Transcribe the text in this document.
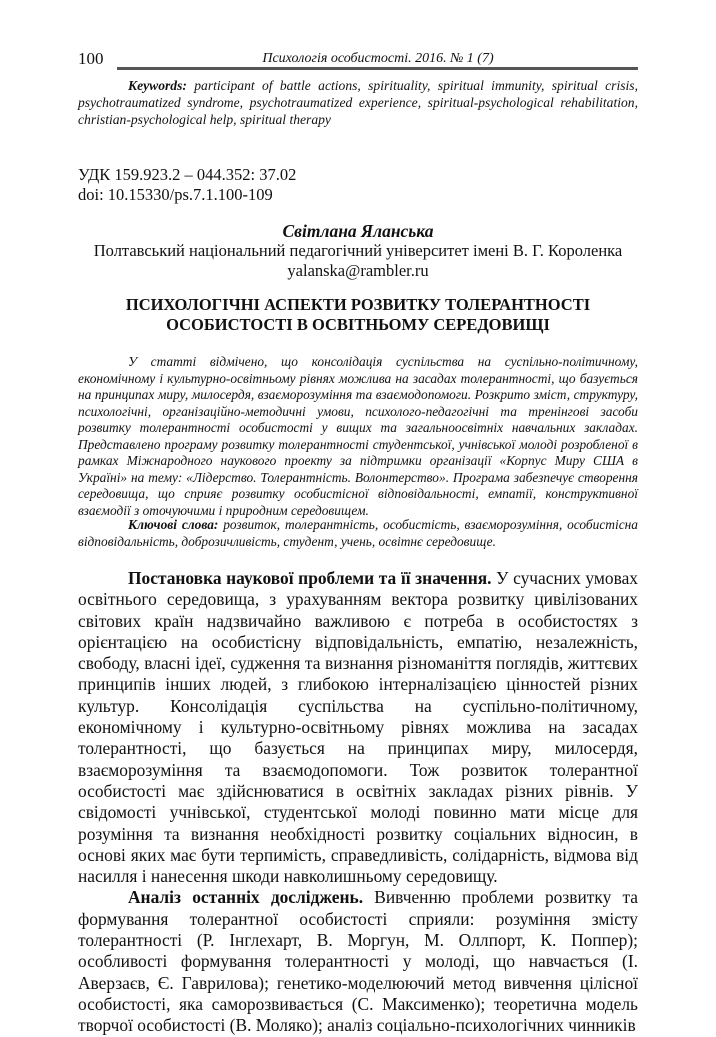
100	Психологія особистості. 2016. № 1 (7)
Keywords: participant of battle actions, spirituality, spiritual immunity, spiritual crisis, psychotraumatized syndrome, psychotraumatized experience, spiritual-psychological rehabilitation, christian-psychological help, spiritual therapy
УДК 159.923.2 – 044.352: 37.02
doi: 10.15330/ps.7.1.100-109
Світлана Яланська
Полтавський національний педагогічний університет імені В. Г. Короленка
yalanska@rambler.ru
ПСИХОЛОГІЧНІ АСПЕКТИ РОЗВИТКУ ТОЛЕРАНТНОСТІ
ОСОБИСТОСТІ В ОСВІТНЬОМУ СЕРЕДОВИЩІ
У статті відмічено, що консолідація суспільства на суспільно-політичному, економічному і культурно-освітньому рівнях можлива на засадах толерантності, що базується на принципах миру, милосердя, взаєморозуміння та взаємодопомоги. Розкрито зміст, структуру, психологічні, організаційно-методичні умови, психолого-педагогічні та тренінгові засоби розвитку толерантності особистості у вищих та загальноосвітніх навчальних закладах. Представлено програму розвитку толерантності студентської, учнівської молоді розробленої в рамках Міжнародного наукового проекту за підтримки організації «Корпус Миру США в Україні» на тему: «Лідерство. Толерантність. Волонтерство». Програма забезпечує створення середовища, що сприяє розвитку особистісної відповідальності, емпатії, конструктивної взаємодії з оточуючими і природним середовищем.
Ключові слова: розвиток, толерантність, особистість, взаєморозуміння, особистісна відповідальність, доброзичливість, студент, учень, освітнє середовище.

Постановка наукової проблеми та її значення. У сучасних умовах освітнього середовища, з урахуванням вектора розвитку цивілізованих світових країн надзвичайно важливою є потреба в особистостях з орієнтацією на особистісну відповідальність, емпатію, незалежність, свободу, власні ідеї, судження та визнання різноманіття поглядів, життєвих принципів інших людей, з глибокою інтерналізацією цінностей різних культур. Консолідація суспільства на суспільно-політичному, економічному і культурно-освітньому рівнях можлива на засадах толерантності, що базується на принципах миру, милосердя, взаєморозуміння та взаємодопомоги. Тож розвиток толерантної особистості має здійснюватися в освітніх закладах різних рівнів. У свідомості учнівської, студентської молоді повинно мати місце для розуміння та визнання необхідності розвитку соціальних відносин, в основі яких має бути терпимість, справедливість, солідарність, відмова від насилля і нанесення шкоди навколишньому середовищу.

Аналіз останніх досліджень. Вивченню проблеми розвитку та формування толерантної особистості сприяли: розуміння змісту толерантності (Р. Інглехарт, В. Моргун, М. Оллпорт, К. Поппер); особливості формування толерантності у молоді, що навчається (І. Аверзаєв, Є. Гаврилова); генетико-моделюючий метод вивчення цілісної особистості, яка саморозвивається (С. Максименко); теоретична модель творчої особистості (В. Моляко); аналіз соціально-психологічних чинників
